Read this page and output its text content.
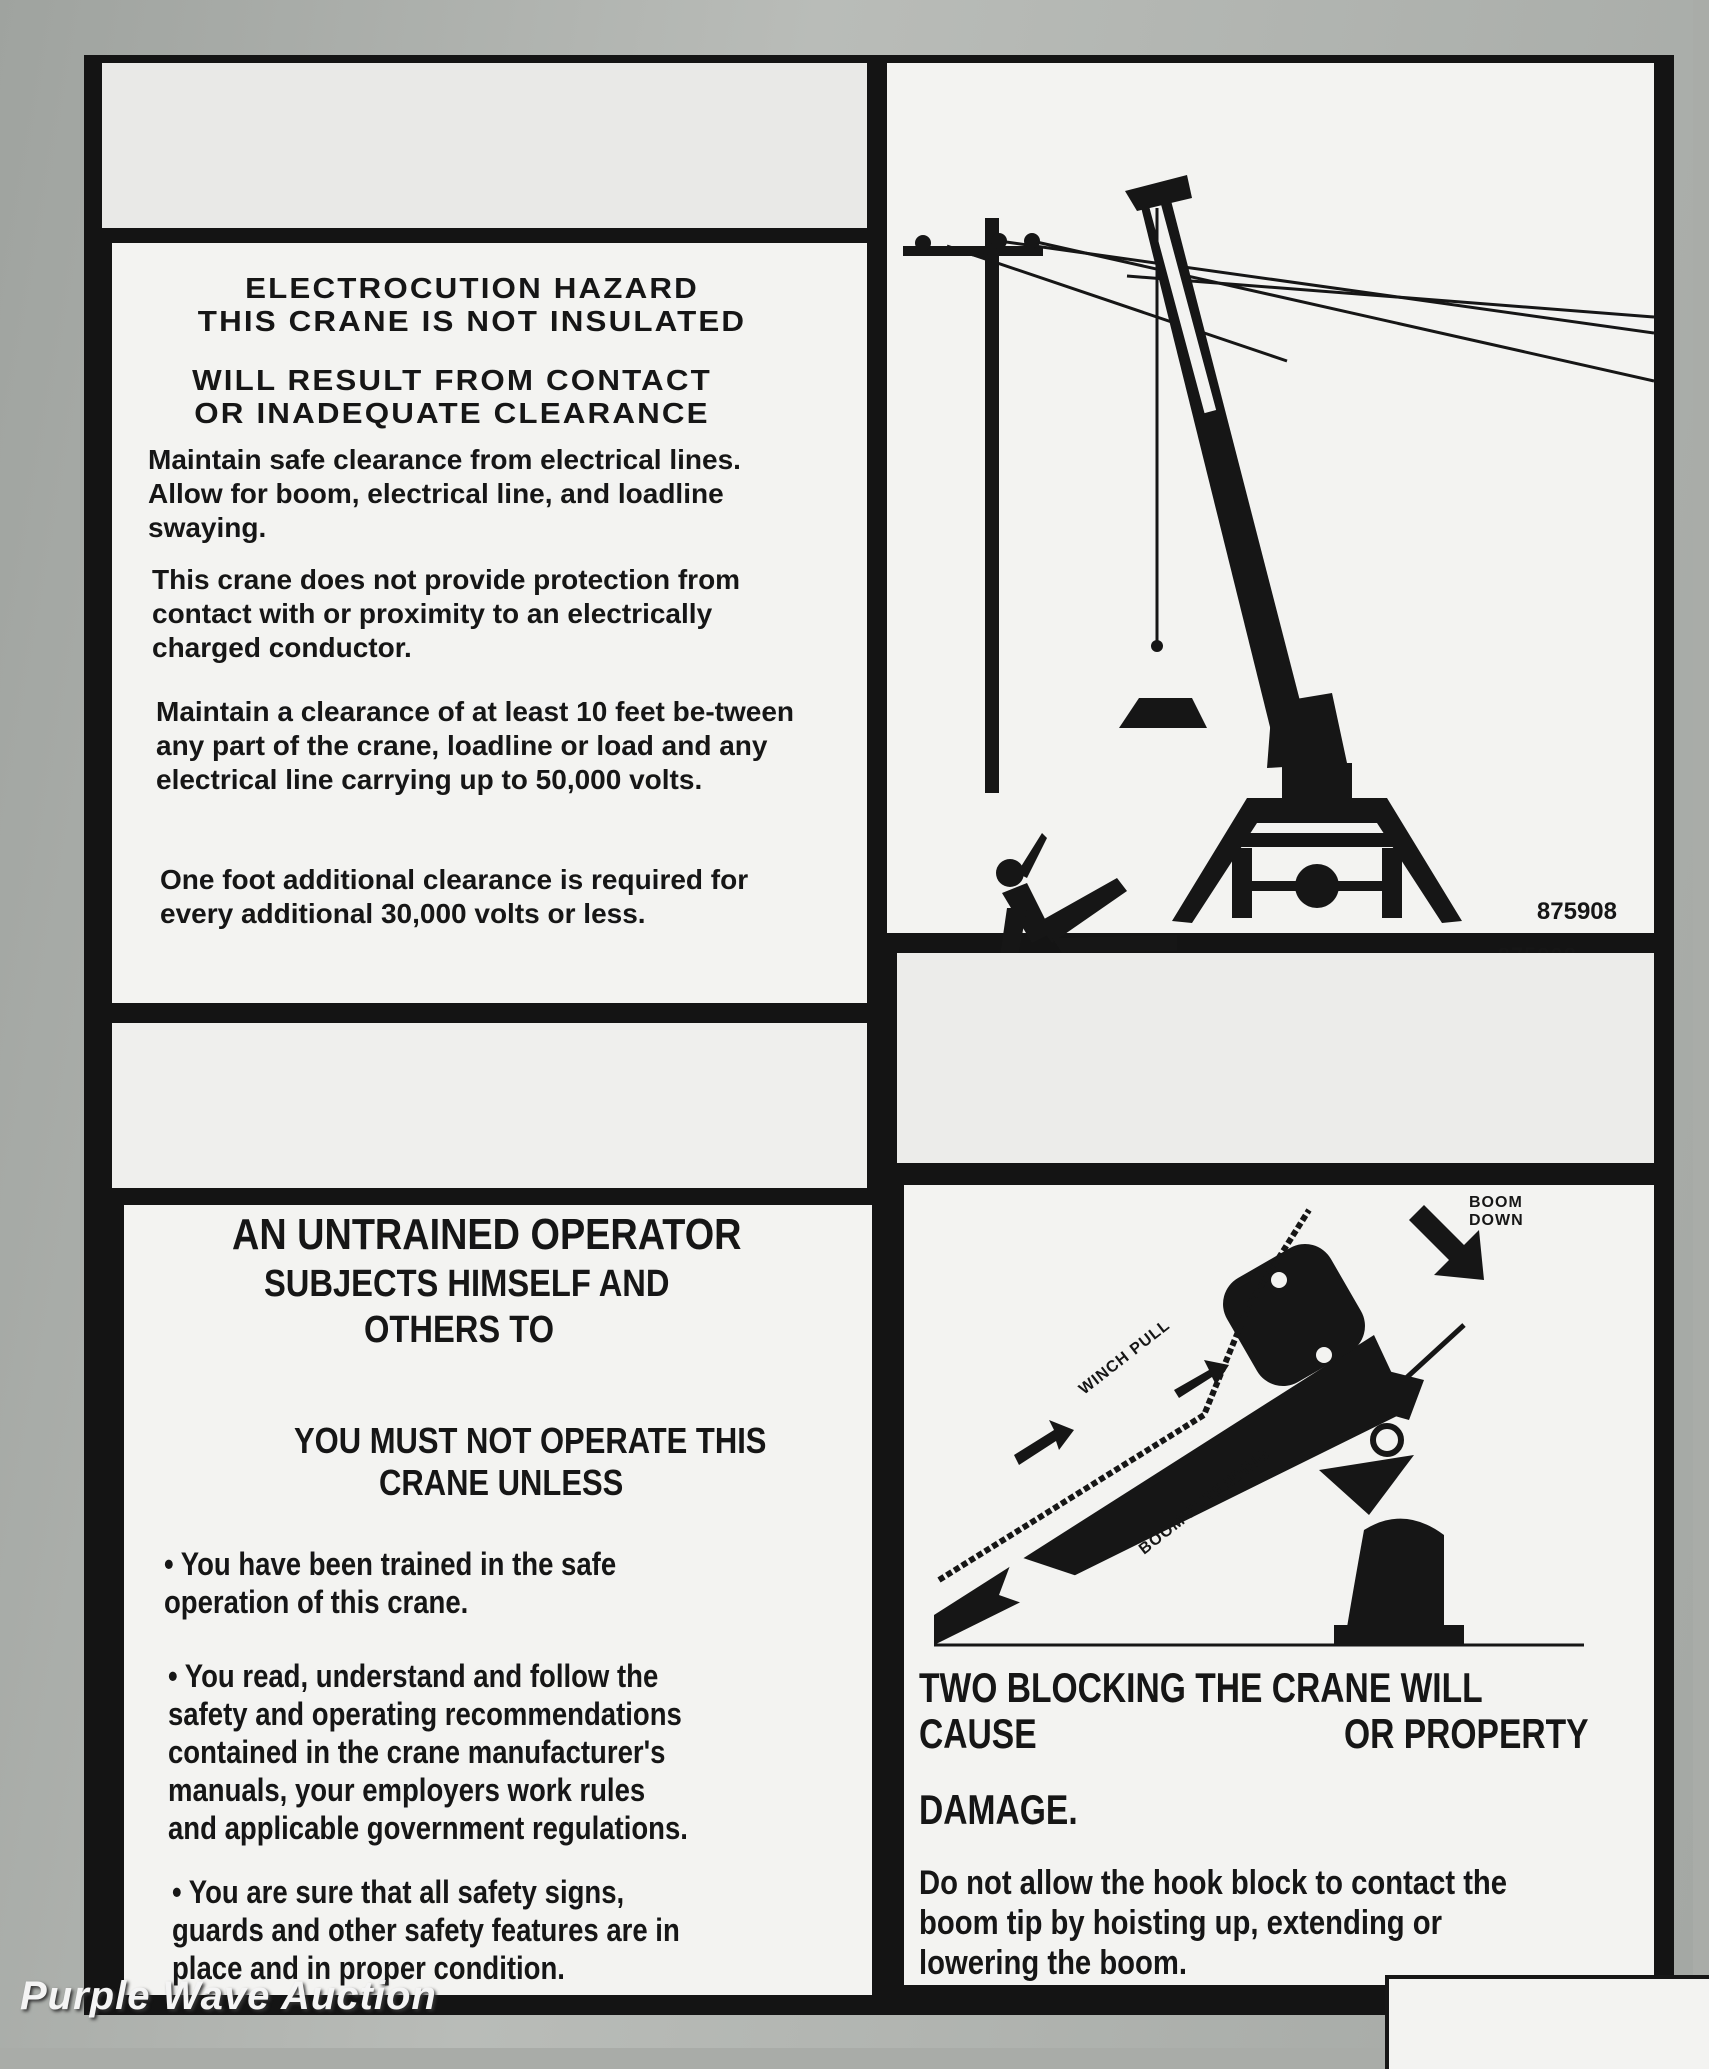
ELECTROCUTION HAZARD
THIS CRANE IS NOT INSULATED
WILL RESULT FROM CONTACT
OR INADEQUATE CLEARANCE
Maintain safe clearance from electrical lines. Allow for boom, electrical line, and loadline swaying.
This crane does not provide protection from contact with or proximity to an electrically charged conductor.
Maintain a clearance of at least 10 feet be-tween any part of the crane, loadline or load and any electrical line carrying up to 50,000 volts.
One foot additional clearance is required for every additional 30,000 volts or less.	875908
AN UNTRAINED OPERATOR
SUBJECTS HIMSELF AND
OTHERS TO
YOU MUST NOT OPERATE THIS
CRANE UNLESS
• You have been trained in the safe operation of this crane.
• You read, understand and follow the safety and operating recommendations contained in the crane manufacturer's manuals, your employers work rules and applicable government regulations.
• You are sure that all safety signs, guards and other safety features are in place and in proper condition.
BOOM
DOWN
WINCH PULL
BOOM EXTENDING
TWO BLOCKING THE CRANE WILL CAUSE	OR PROPERTY
DAMAGE.
Do not allow the hook block to contact the boom tip by hoisting up, extending or lowering the boom.
Purple Wave Auction
